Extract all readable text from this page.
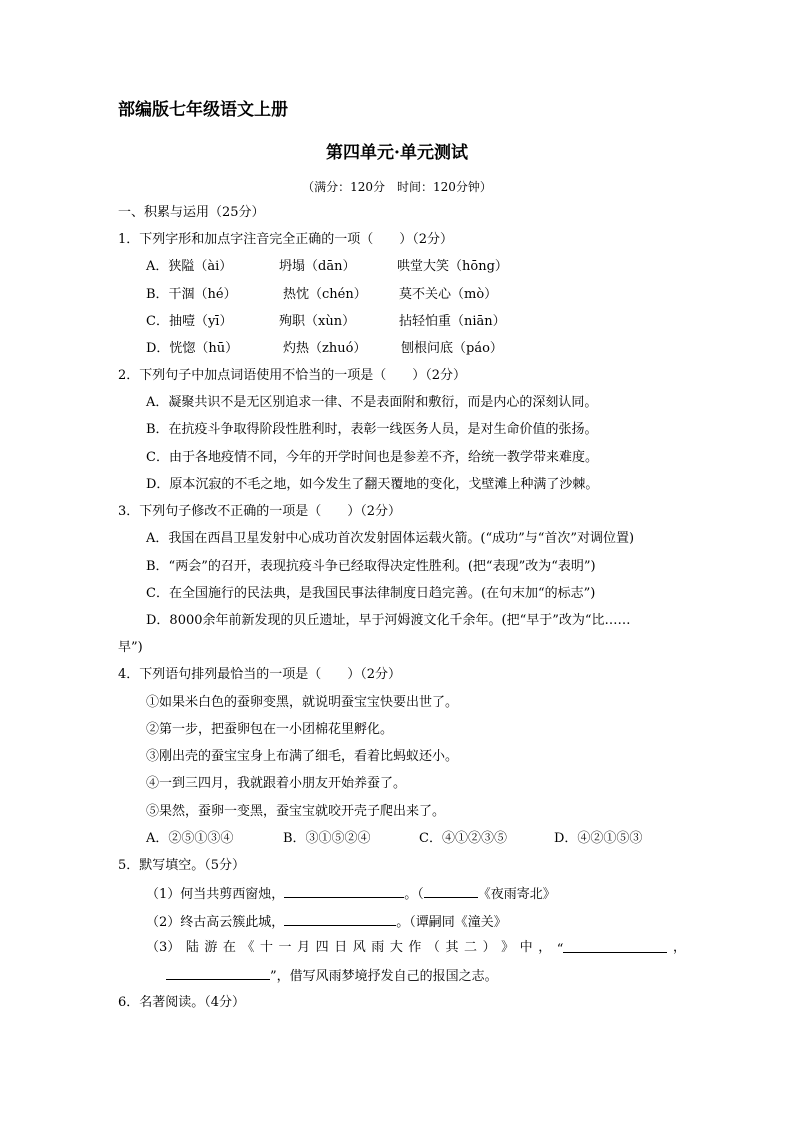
部编版七年级语文上册
第四单元·单元测试
（满分：120分　时间：120分钟）
一、积累与运用（25分）
1．下列字形和加点字注音完全正确的一项（　　）（2分）
A．狭隘（ài）	坍塌（dān）	哄堂大笑（hōng）
B．干涸（hé）	热忱（chén） 莫不关心（mò）
C．抽噎（yī）	殉职（xùn）	拈轻怕重（niān）
D．恍惚（hū）	灼热（zhuó）	刨根问底（páo）
2．下列句子中加点词语使用不恰当的一项是（　　）（2分）
A．凝聚共识不是无区别追求一律、不是表面附和敷衍，而是内心的深刻认同。
B．在抗疫斗争取得阶段性胜利时，表彰一线医务人员，是对生命价值的张扬。
C．由于各地疫情不同，今年的开学时间也是参差不齐，给统一教学带来难度。
D．原本沉寂的不毛之地，如今发生了翻天覆地的变化，戈壁滩上种满了沙棘。
3．下列句子修改不正确的一项是（　　）（2分）
A．我国在西昌卫星发射中心成功首次发射固体运载火箭。(“成功”与“首次”对调位置)
B．“两会”的召开，表现抗疫斗争已经取得决定性胜利。(把“表现”改为“表明”)
C．在全国施行的民法典，是我国民事法律制度日趋完善。(在句末加“的标志”)
D．8000余年前新发现的贝丘遗址，早于河姆渡文化千余年。(把“早于”改为“比……
早”)
4．下列语句排列最恰当的一项是（　　）（2分）
①如果米白色的蚕卵变黑，就说明蚕宝宝快要出世了。
②第一步，把蚕卵包在一小团棉花里孵化。
③刚出壳的蚕宝宝身上布满了细毛，看着比蚂蚁还小。
④一到三四月，我就跟着小朋友开始养蚕了。
⑤果然，蚕卵一变黑，蚕宝宝就咬开壳子爬出来了。
A．②⑤①③④	B．③①⑤②④	C．④①②③⑤	D．④②①⑤③
5．默写填空。（5分）
（1）何当共剪西窗烛，	。（	《夜雨寄北》
（2）终古高云簇此城，	。（谭嗣同《潼关》
（3） 陆 游 在 《 十 一 月 四 日 风 雨 大 作 （ 其 二 ） 》 中 ， “	，
”，借写风雨梦境抒发自己的报国之志。
6．名著阅读。（4分）
